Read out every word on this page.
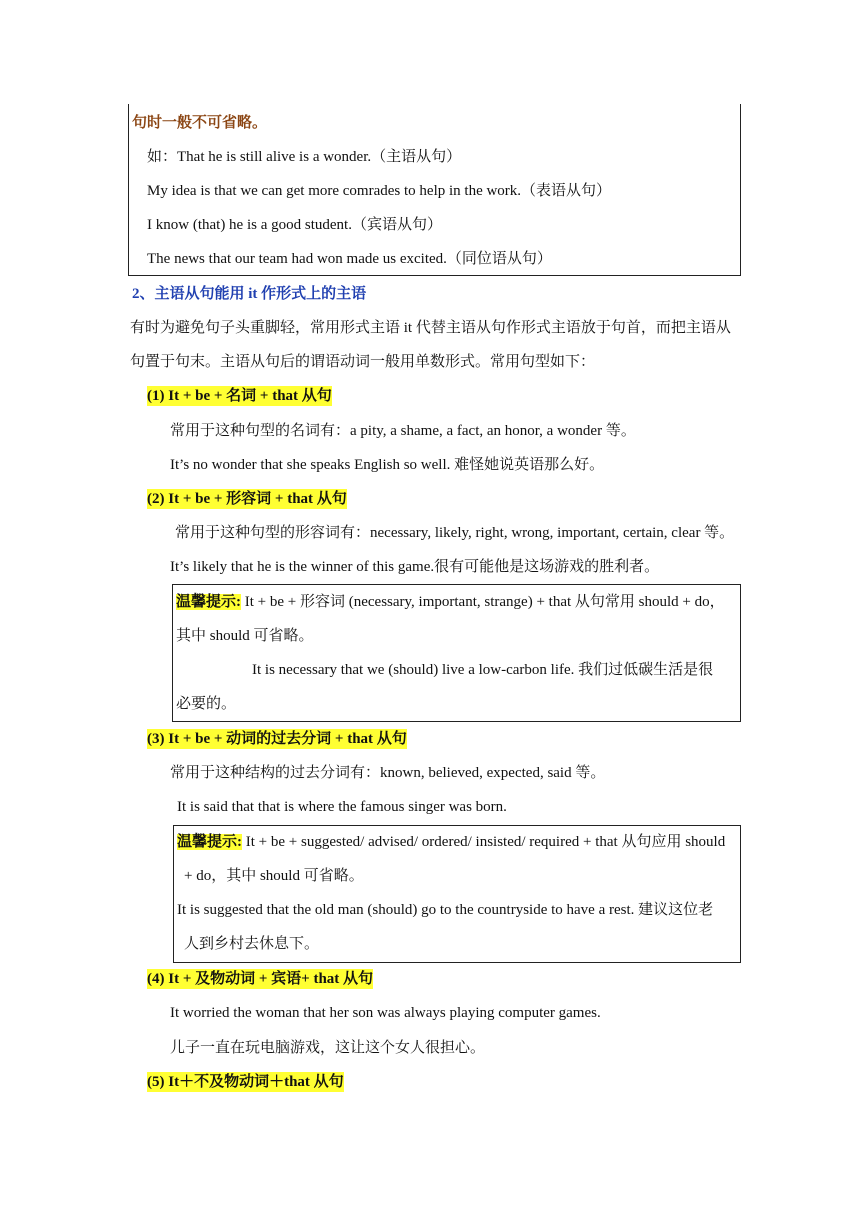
句时一般不可省略。
如：That he is still alive is a wonder.（主语从句）
My idea is that we can get more comrades to help in the work.（表语从句）
I know (that) he is a good student.（宾语从句）
The news that our team had won made us excited.（同位语从句）
2、主语从句能用 it 作形式上的主语
有时为避免句子头重脚轻，常用形式主语 it 代替主语从句作形式主语放于句首，而把主语从
句置于句末。主语从句后的谓语动词一般用单数形式。常用句型如下：
(1) It + be + 名词 + that 从句
常用于这种句型的名词有：a pity, a shame, a fact, an honor, a wonder 等。
It’s no wonder that she speaks English so well. 难怪她说英语那么好。
(2) It + be + 形容词 + that 从句
常用于这种句型的形容词有：necessary, likely, right, wrong, important, certain, clear 等。
It’s likely that he is the winner of this game.很有可能他是这场游戏的胜利者。
温馨提示: It + be + 形容词 (necessary, important, strange) + that 从句常用 should + do，
其中 should 可省略。
It is necessary that we (should) live a low-carbon life. 我们过低碳生活是很
必要的。
(3) It + be + 动词的过去分词 + that 从句
常用于这种结构的过去分词有：known, believed, expected, said 等。
It is said that that is where the famous singer was born.
温馨提示: It + be + suggested/ advised/ ordered/ insisted/ required + that 从句应用 should
+ do，其中 should 可省略。
It is suggested that the old man (should) go to the countryside to have a rest. 建议这位老
人到乡村去休息下。
(4) It + 及物动词 + 宾语+ that 从句
It worried the woman that her son was always playing computer games.
儿子一直在玩电脑游戏，这让这个女人很担心。
(5) It＋不及物动词＋that 从句
